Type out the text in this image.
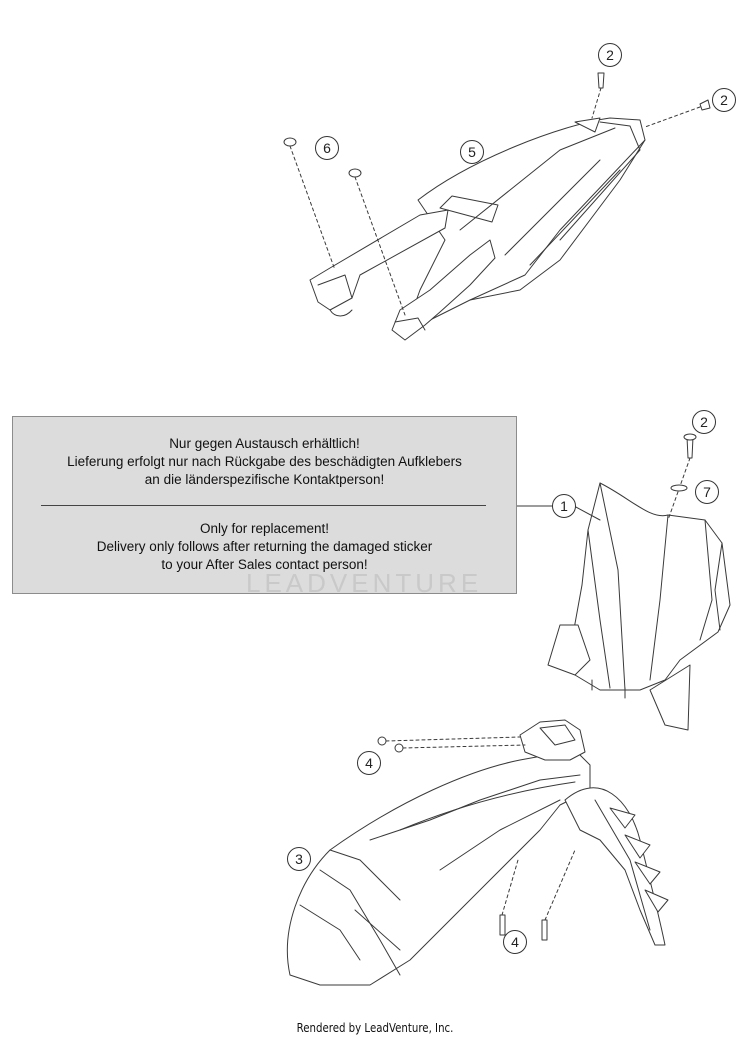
Nur gegen Austausch erhältlich!
Lieferung erfolgt nur nach Rückgabe des beschädigten Aufklebers
an die länderspezifische Kontaktperson!
Only for replacement!
Delivery only follows after returning the damaged sticker
to your After Sales contact person!
LEADVENTURE
2
2
6	5
2
7
1
4
3
4
Rendered by LeadVenture, Inc.
